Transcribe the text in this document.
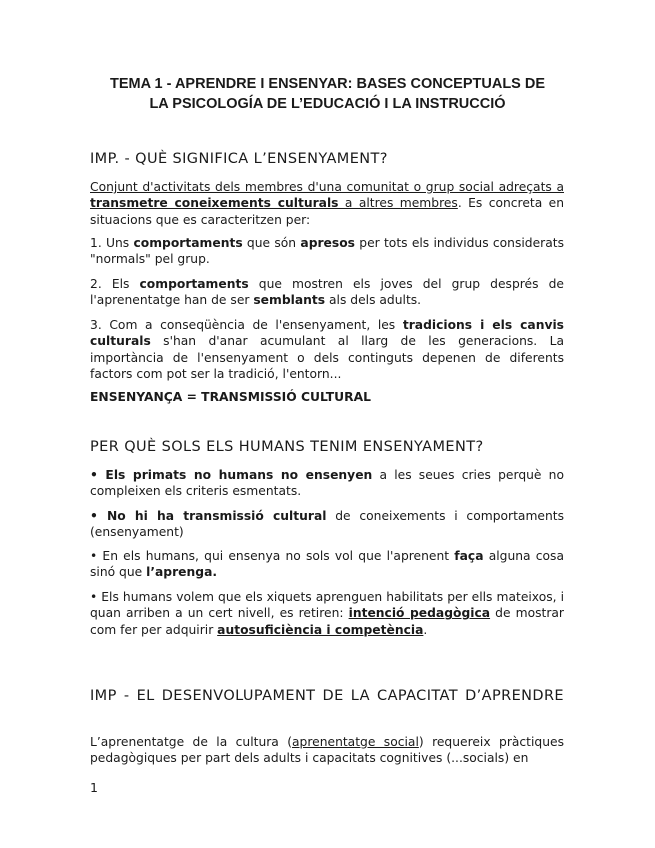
TEMA 1 - APRENDRE I ENSENYAR: BASES CONCEPTUALS DE
LA PSICOLOGÍA DE L’EDUCACIÓ I LA INSTRUCCIÓ
IMP. - QUÈ SIGNIFICA L’ENSENYAMENT?

Conjunt d'activitats dels membres d'una comunitat o grup social adreçats a transmetre coneixements culturals a altres membres. Es concreta en situacions que es caracteritzen per:

1. Uns comportaments que són apresos per tots els individus considerats "normals" pel grup.

2. Els comportaments que mostren els joves del grup després de l'aprenentatge han de ser semblants als dels adults.

3. Com a conseqüència de l'ensenyament, les tradicions i els canvis culturals s'han d'anar acumulant al llarg de les generacions. La importància de l'ensenyament o dels continguts depenen de diferents factors com pot ser la tradició, l'entorn...

ENSENYANÇA = TRANSMISSIÓ CULTURAL
PER QUÈ SOLS ELS HUMANS TENIM ENSENYAMENT?

• Els primats no humans no ensenyen a les seues cries perquè no compleixen els criteris esmentats.

• No hi ha transmissió cultural de coneixements i comportaments (ensenyament)

• En els humans, qui ensenya no sols vol que l'aprenent faça alguna cosa sinó que l’aprenga.

• Els humans volem que els xiquets aprenguen habilitats per ells mateixos, i quan arriben a un cert nivell, es retiren: intenció pedagògica de mostrar com fer per adquirir autosuficiència i competència.

IMP - EL DESENVOLUPAMENT DE LA CAPACITAT D’APRENDRE

L’aprenentatge de la cultura (aprenentatge social) requereix pràctiques pedagògiques per part dels adults i capacitats cognitives (...socials) en

1
